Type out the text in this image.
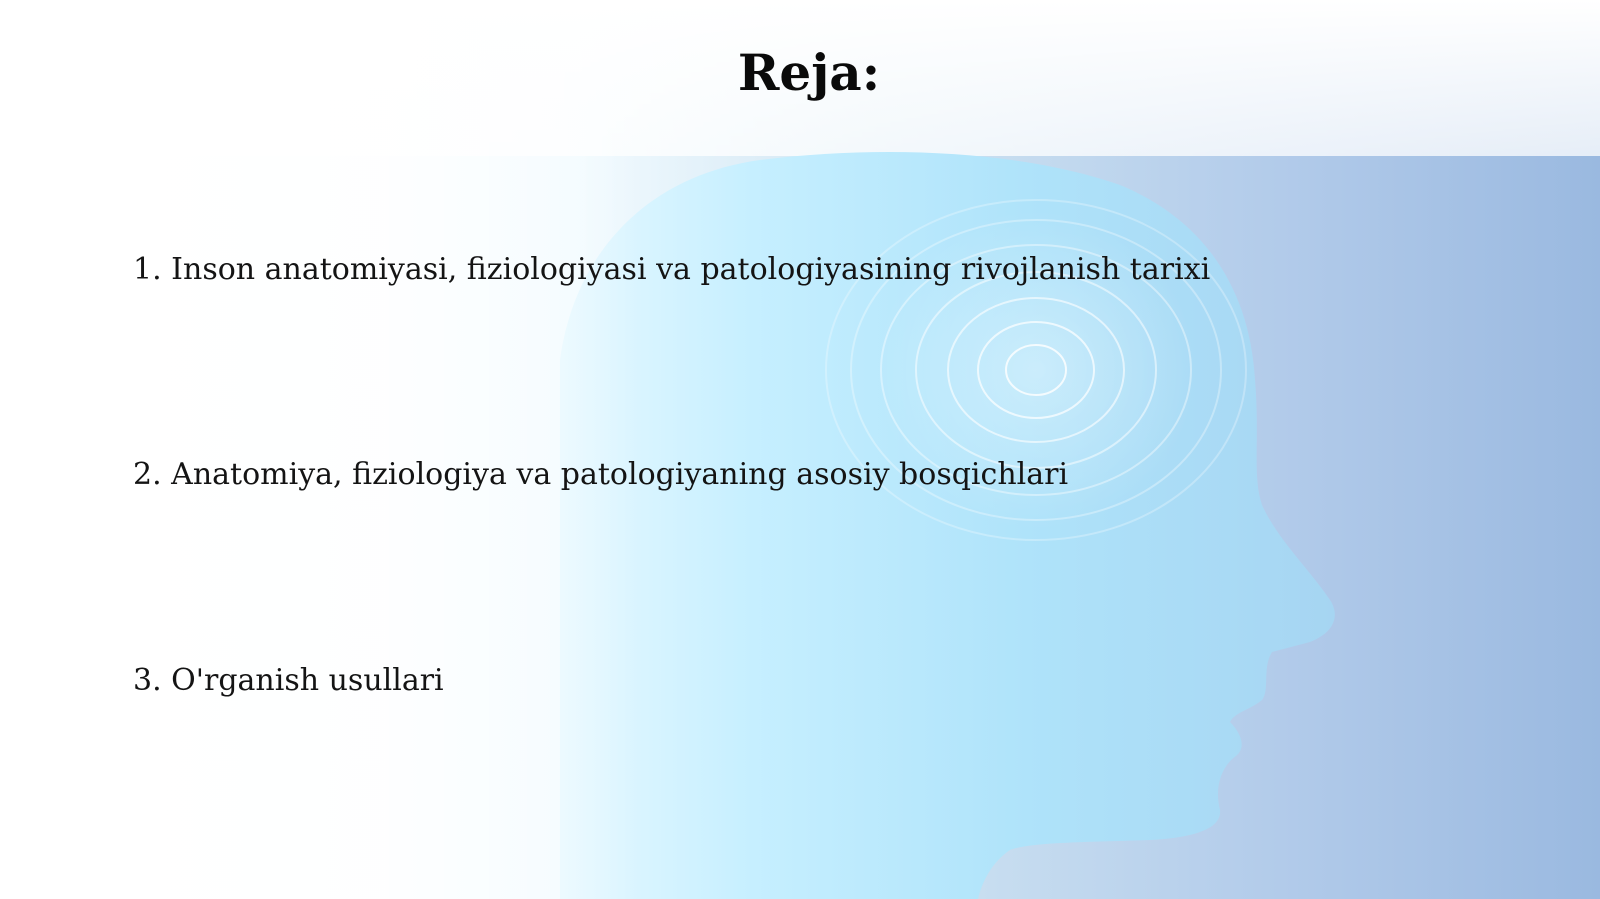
Reja:
1. Inson anatomiyasi, fiziologiyasi va patologiyasining rivojlanish tarixi
2. Anatomiya, fiziologiya va patologiyaning asosiy bosqichlari
3. O'rganish usullari
